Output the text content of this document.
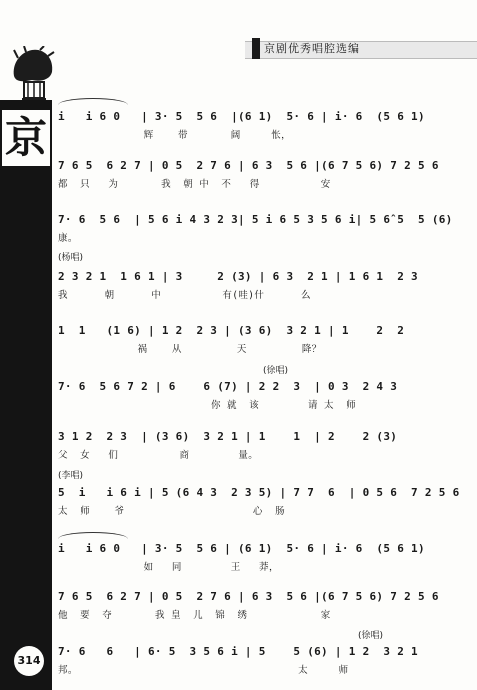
京剧优秀唱腔选编
京
314
i   i 6 0   | 3· 5  5 6  |(6 1)  5· 6 | i· 6  (5 6 1)
辉    带       阔     怅，
7 6 5  6 2 7 | 0 5  2 7 6 | 6 3  5 6 |(6 7 5 6) 7 2 5 6
都  只   为       我  朝 中  不   得          安
7· 6  5 6  | 5 6 i 4 3 2 3| 5 i 6 5 3 5 6 i| 5 6̂ 5  5 (6)
康。
(杨唱)
2 3 2 1  1 6 1 | 3     2 (3) | 6 3  2 1 | 1 6 1  2 3
我      朝      中          有(哇)什      么
1  1   (1 6) | 1 2  2 3 | (3 6)  3 2 1 | 1    2  2
祸    从         天         降？
(徐唱)
7· 6  5 6 7 2 | 6    6 (7) | 2 2  3  | 0 3  2 4 3
你 就  该        请 太  师
3 1 2  2 3  | (3 6)  3 2 1 | 1    1  | 2    2 (3)
父  女   们          商        量。
(李唱)
5  i   i 6 i | 5 (6 4 3  2 3 5) | 7 7  6  | 0 5 6  7 2 5 6
太  师    爷                     心  肠
i   i 6 0   | 3· 5  5 6 | (6 1)  5· 6 | i· 6  (5 6 1)
如   同        王   莽，
7 6 5  6 2 7 | 0 5  2 7 6 | 6 3  5 6 |(6 7 5 6) 7 2 5 6
他  要  夺       我 皇  儿  锦  绣            家
(徐唱)
7· 6   6   | 6· 5  3 5 6 i | 5    5 (6) | 1 2  3 2 1
邦。                                    太     师
